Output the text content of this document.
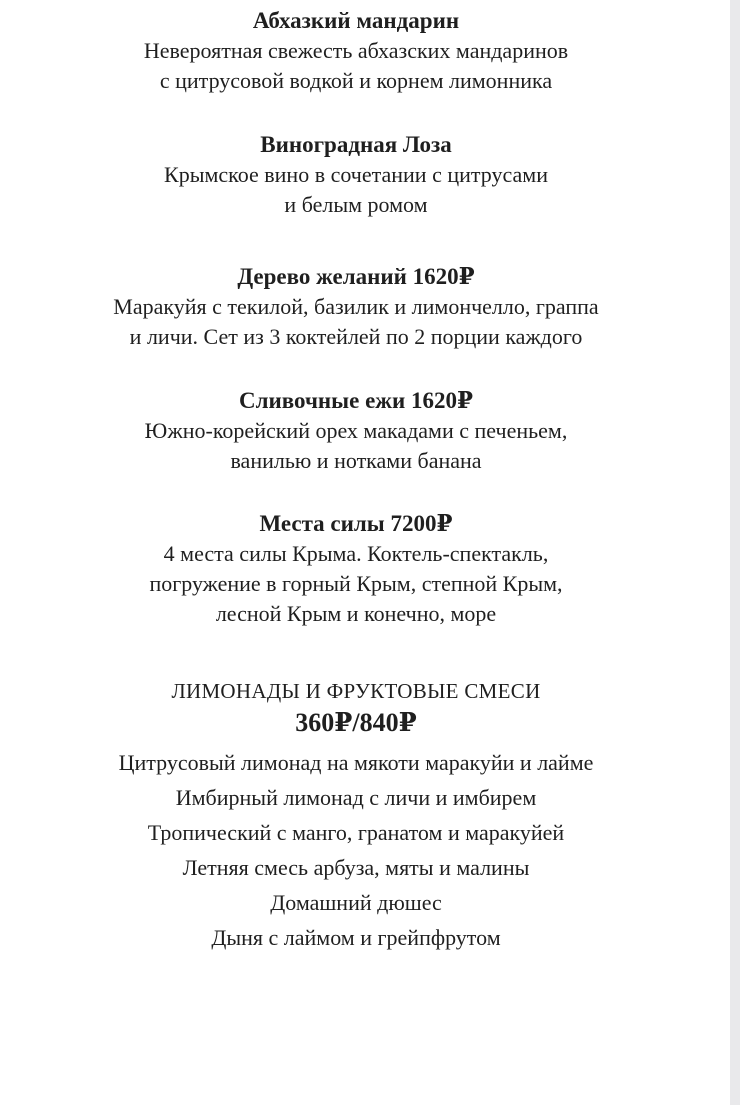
Абхазкий мандарин
Невероятная свежесть абхазских мандаринов
с цитрусовой водкой и корнем лимонника
Виноградная Лоза
Крымское вино в сочетании с цитрусами
и белым ромом
Дерево желаний 1620₽
Маракуйя с текилой, базилик и лимончелло, граппа
и личи. Сет из 3 коктейлей по 2 порции каждого
Сливочные ежи 1620₽
Южно-корейский орех макадами с печеньем,
ванилью и нотками банана
Места силы 7200₽
4 места силы Крыма. Коктель-спектакль,
погружение в горный Крым, степной Крым,
лесной Крым и конечно, море
ЛИМОНАДЫ И ФРУКТОВЫЕ СМЕСИ
360₽/840₽
Цитрусовый лимонад на мякоти маракуйи и лайме
Имбирный лимонад с личи и имбирем
Тропический с манго, гранатом и маракуйей
Летняя смесь арбуза, мяты и малины
Домашний дюшес
Дыня с лаймом и грейпфрутом
